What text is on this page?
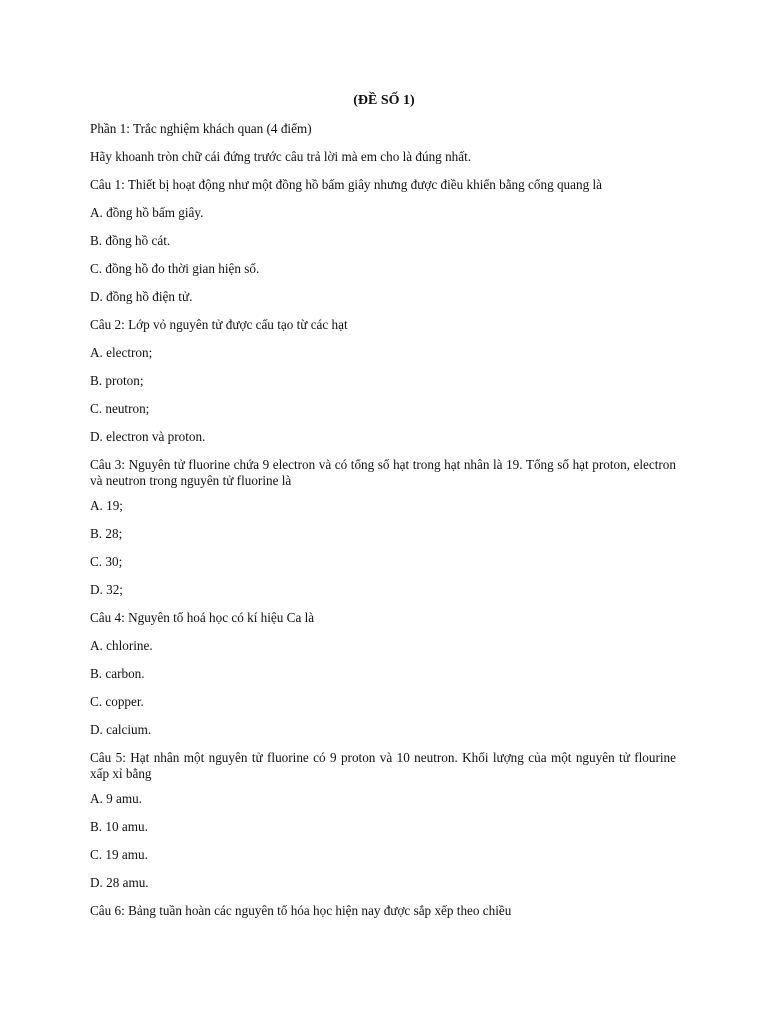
(ĐỀ SỐ 1)

Phần 1: Trắc nghiệm khách quan (4 điểm)

Hãy khoanh tròn chữ cái đứng trước câu trả lời mà em cho là đúng nhất.

Câu 1: Thiết bị hoạt động như một đồng hồ bấm giây nhưng được điều khiển bằng cổng quang là

A. đồng hồ bấm giây.

B. đồng hồ cát.

C. đồng hồ đo thời gian hiện số.

D. đồng hồ điện tử.

Câu 2: Lớp vỏ nguyên tử được cấu tạo từ các hạt

A. electron;

B. proton;

C. neutron;

D. electron và proton.

Câu 3: Nguyên tử fluorine chứa 9 electron và có tổng số hạt trong hạt nhân là 19. Tổng số hạt proton, electron và neutron trong nguyên tử fluorine là

A. 19;

B. 28;

C. 30;

D. 32;

Câu 4: Nguyên tố hoá học có kí hiệu Ca là

A. chlorine.

B. carbon.

C. copper.

D. calcium.

Câu 5: Hạt nhân một nguyên tử fluorine có 9 proton và 10 neutron. Khối lượng của một nguyên tử flourine xấp xỉ bằng

A. 9 amu.

B. 10 amu.

C. 19 amu.

D. 28 amu.

Câu 6: Bảng tuần hoàn các nguyên tố hóa học hiện nay được sắp xếp theo chiều
